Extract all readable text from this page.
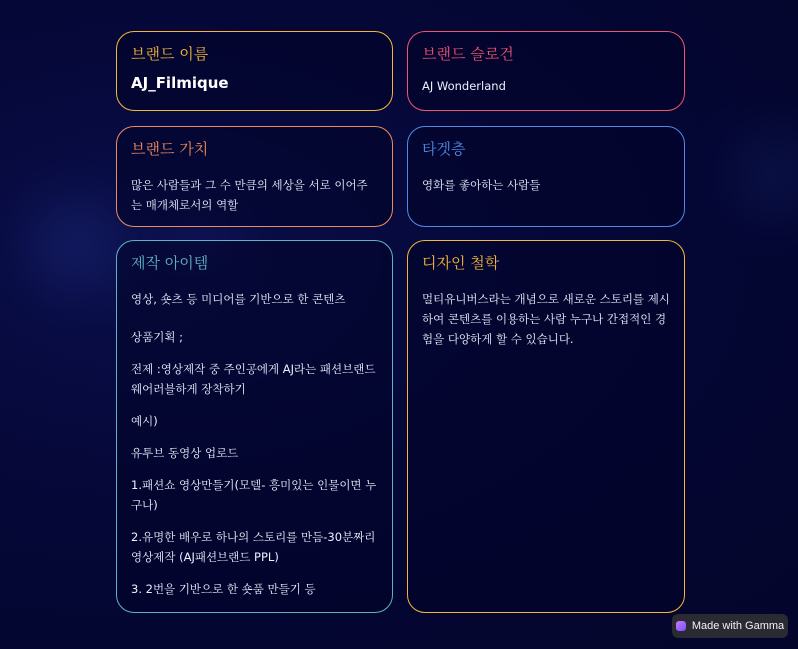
브랜드 이름
AJ_Filmique
브랜드 슬로건
AJ Wonderland
브랜드 가치
많은 사람들과 그 수 만큼의 세상을 서로 이어주는 매개체로서의 역할
타겟층
영화를 좋아하는 사람들
제작 아이템

영상, 숏츠 등 미디어를 기반으로 한 콘텐츠

상품기획 ;

전제 :영상제작 중 주인공에게 AJ라는 패션브랜드 웨어러블하게 장착하기

예시)

유투브 동영상 업로드

1.패션쇼 영상만들기(모델- 흥미있는 인물이면 누구나)

2.유명한 배우로 하나의 스토리를 만듬-30분짜리 영상제작 (AJ패션브랜드 PPL)

3. 2번을 기반으로 한 숏품 만들기 등

디자인 철학
멀티유니버스라는 개념으로 새로운 스토리를 제시하여 콘텐츠를 이용하는 사람 누구나 간접적인 경험을 다양하게 할 수 있습니다.
Made with Gamma
